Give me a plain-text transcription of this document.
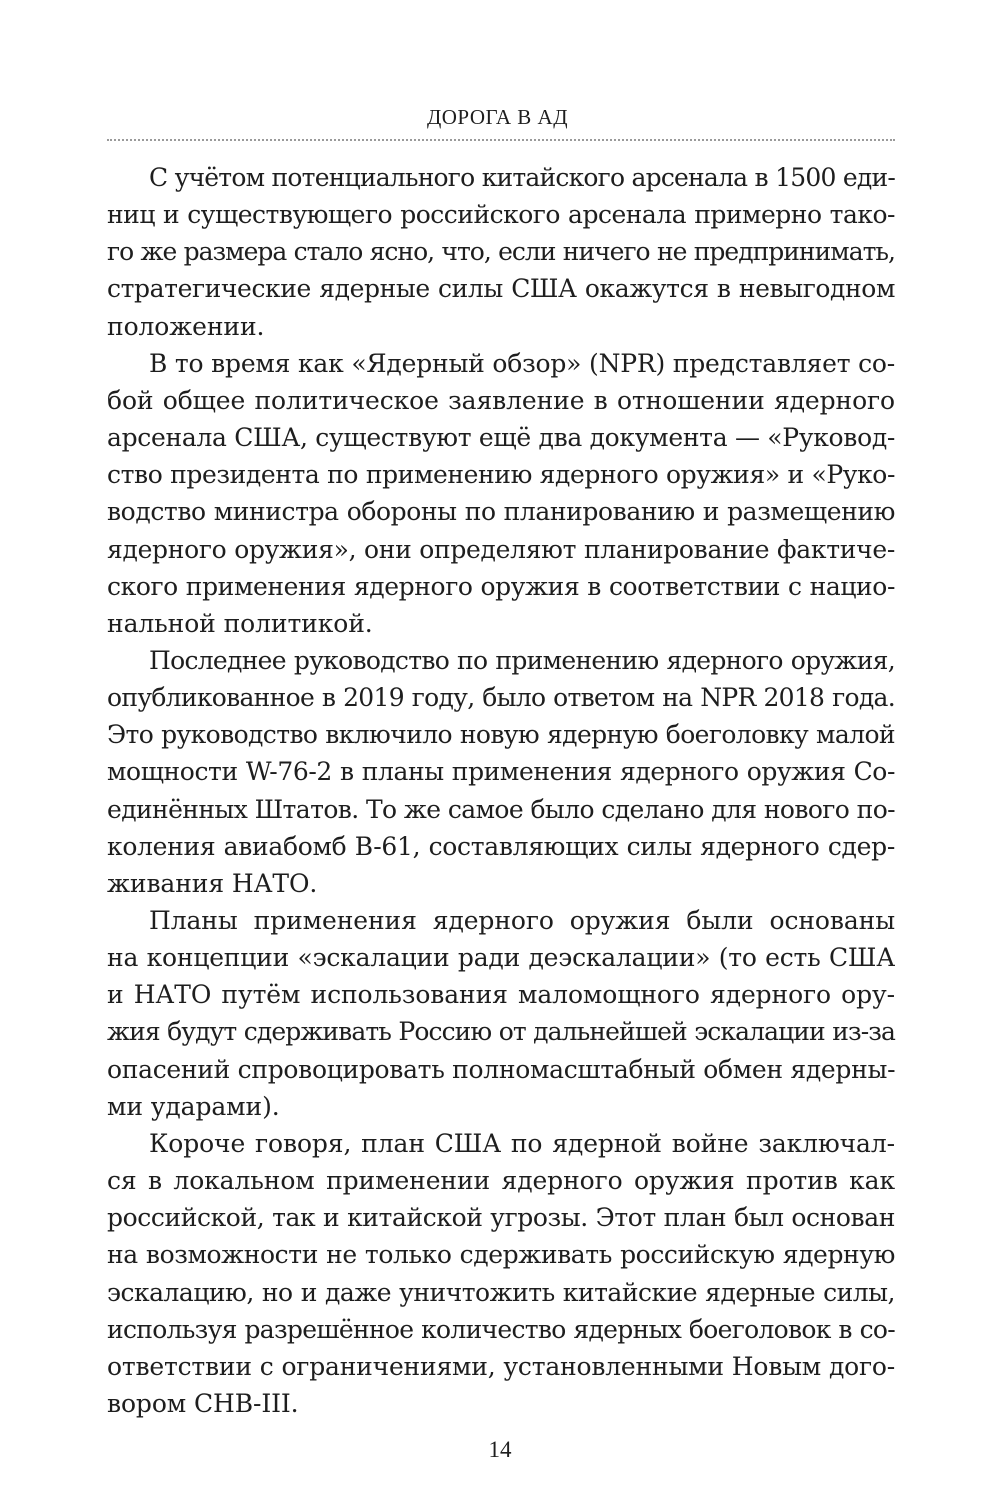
ДОРОГА В АД
С учётом потенциального китайского арсенала в 1500 еди-
ниц и существующего российского арсенала примерно тако-
го же размера стало ясно, что, если ничего не предпринимать,
стратегические ядерные силы США окажутся в невыгодном
положении.
В то время как «Ядерный обзор» (NPR) представляет со-
бой общее политическое заявление в отношении ядерного
арсенала США, существуют ещё два документа — «Руковод-
ство президента по применению ядерного оружия» и «Руко-
водство министра обороны по планированию и размещению
ядерного оружия», они определяют планирование фактиче-
ского применения ядерного оружия в соответствии с нацио-
нальной политикой.
Последнее руководство по применению ядерного оружия,
опубликованное в 2019 году, было ответом на NPR 2018 года.
Это руководство включило новую ядерную боеголовку малой
мощности W-76-2 в планы применения ядерного оружия Со-
единённых Штатов. То же самое было сделано для нового по-
коления авиабомб B-61, составляющих силы ядерного сдер-
живания НАТО.
Планы применения ядерного оружия были основаны
на концепции «эскалации ради деэскалации» (то есть США
и НАТО путём использования маломощного ядерного ору-
жия будут сдерживать Россию от дальнейшей эскалации из-за
опасений спровоцировать полномасштабный обмен ядерны-
ми ударами).
Короче говоря, план США по ядерной войне заключал-
ся в локальном применении ядерного оружия против как
российской, так и китайской угрозы. Этот план был основан
на возможности не только сдерживать российскую ядерную
эскалацию, но и даже уничтожить китайские ядерные силы,
используя разрешённое количество ядерных боеголовок в со-
ответствии с ограничениями, установленными Новым дого-
вором СНВ-III.
14
